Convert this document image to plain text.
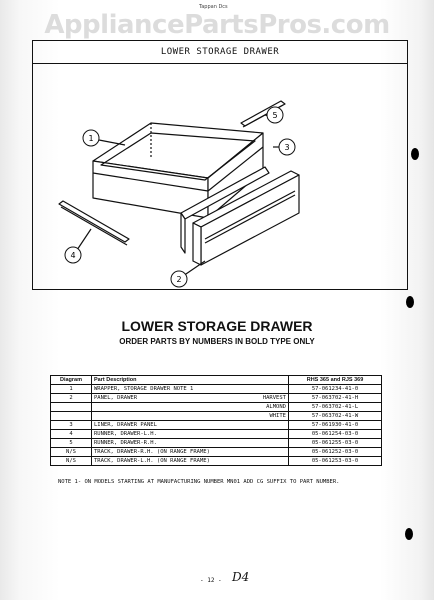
AppliancePartsPros.com
Tappan Dcs
LOWER STORAGE DRAWER
1
2
3
4
5
LOWER STORAGE DRAWER
ORDER PARTS BY NUMBERS IN BOLD TYPE ONLY
Diagram	Part Description		RHS 365 and RJS 369
1	WRAPPER, STORAGE DRAWER NOTE 1		57-061234-41-0
2	PANEL, DRAWER	HARVEST	57-063702-41-H
		ALMOND	57-063702-41-L
		WHITE	57-063702-41-W
3	LINER, DRAWER PANEL		57-061930-41-0
4	RUNNER, DRAWER-L.H.		05-061254-03-0
5	RUNNER, DRAWER-R.H.		05-061255-03-0
N/S	TRACK, DRAWER-R.H. (ON RANGE FRAME)		05-061252-03-0
N/S	TRACK, DRAWER-L.H. (ON RANGE FRAME)		05-061253-03-0
NOTE 1- ON MODELS STARTING AT MANUFACTURING NUMBER MN01 ADD CG SUFFIX TO PART NUMBER.
- 12 - D4
